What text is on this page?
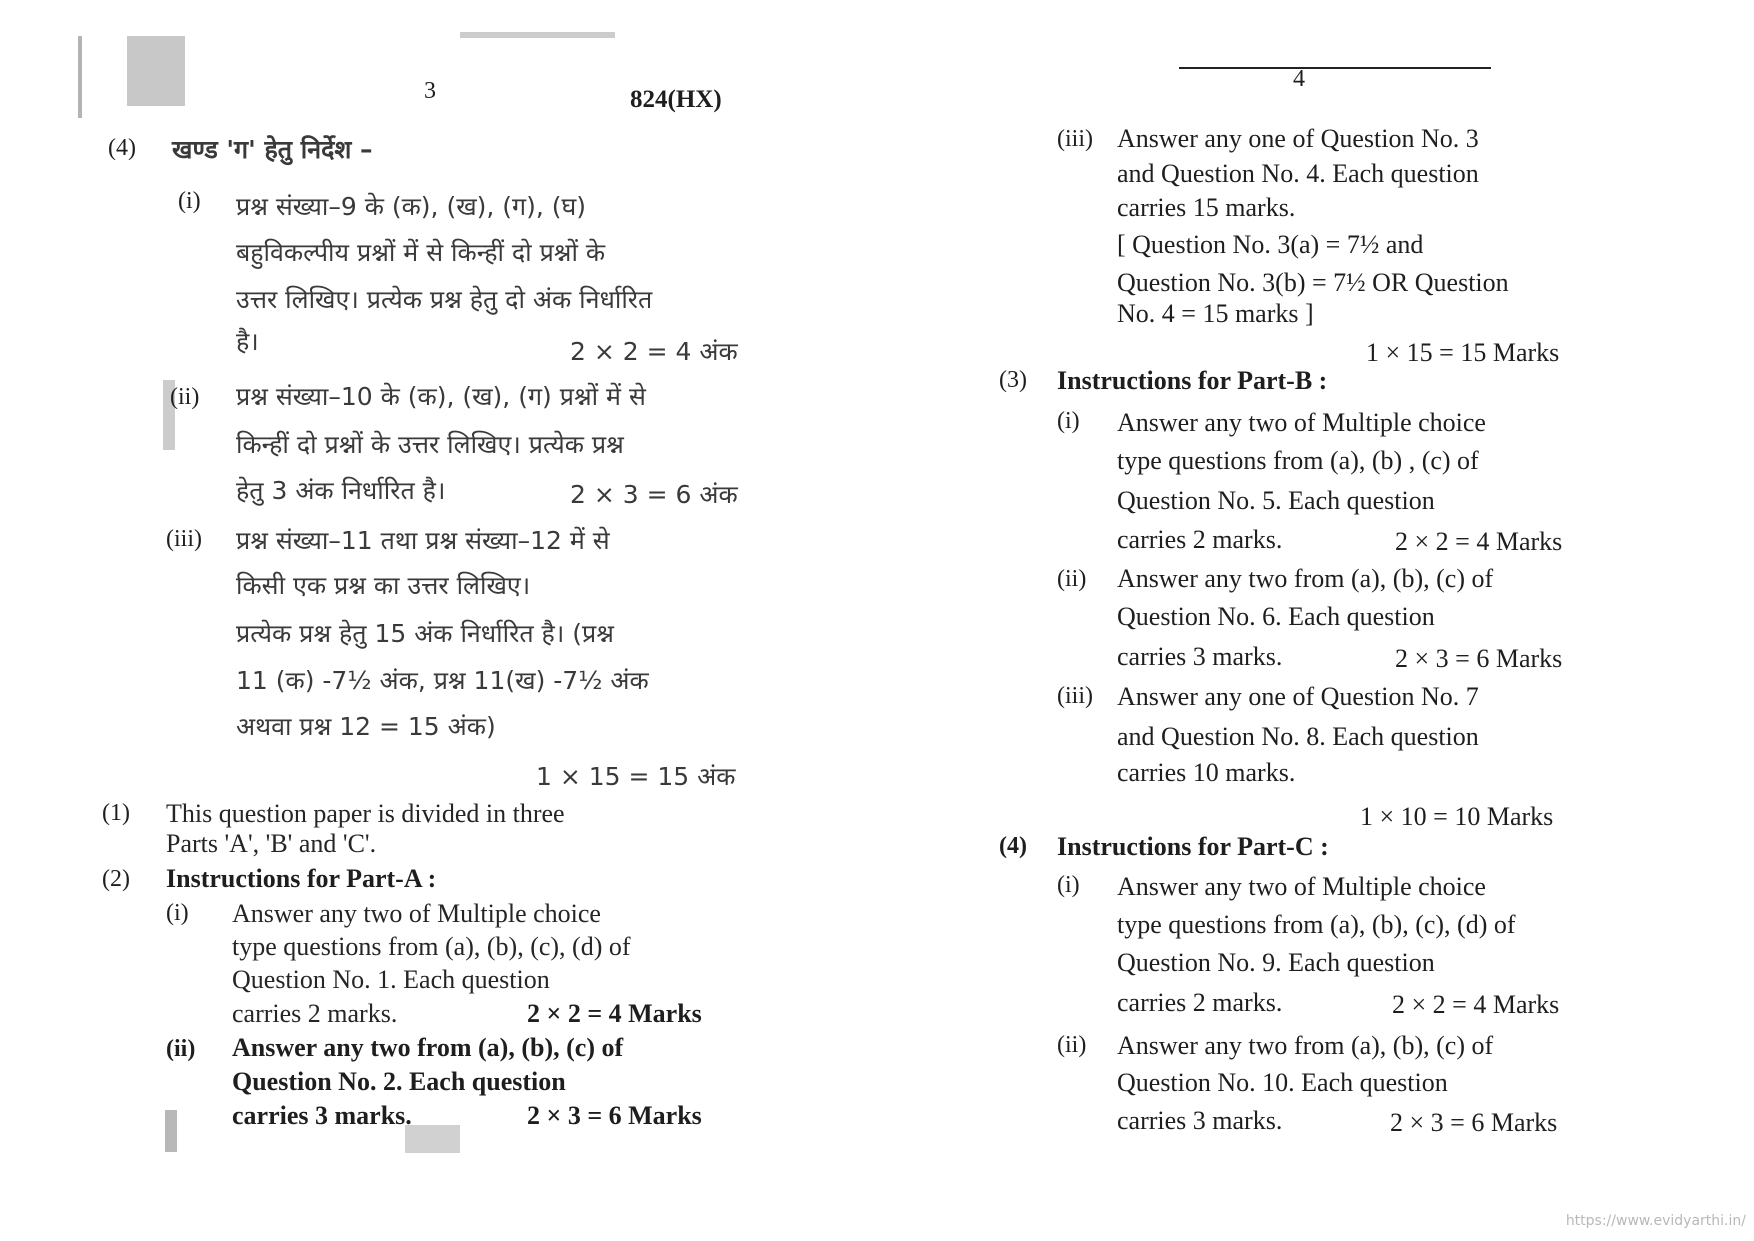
3	824(HX)
(4) खण्ड 'ग' हेतु निर्देश –
(i) प्रश्न संख्या–9 के (क), (ख), (ग), (घ)
बहुविकल्पीय प्रश्नों में से किन्हीं दो प्रश्नों के
उत्तर लिखिए। प्रत्येक प्रश्न हेतु दो अंक निर्धारित
है।	2 × 2 = 4 अंक
(ii) प्रश्न संख्या–10 के (क), (ख), (ग) प्रश्नों में से
किन्हीं दो प्रश्नों के उत्तर लिखिए। प्रत्येक प्रश्न
हेतु 3 अंक निर्धारित है।	2 × 3 = 6 अंक
(iii) प्रश्न संख्या–11 तथा प्रश्न संख्या–12 में से
किसी एक प्रश्न का उत्तर लिखिए।
प्रत्येक प्रश्न हेतु 15 अंक निर्धारित है। (प्रश्न
11 (क) -7½ अंक, प्रश्न 11(ख) -7½ अंक
अथवा प्रश्न 12 = 15 अंक)
1 × 15 = 15 अंक
(1) This question paper is divided in three
Parts 'A', 'B' and 'C'.
(2) Instructions for Part-A :
(i) Answer any two of Multiple choice
type questions from (a), (b), (c), (d) of
Question No. 1. Each question
carries 2 marks.	2 × 2 = 4 Marks
(ii) Answer any two from (a), (b), (c) of
Question No. 2. Each question
carries 3 marks.	2 × 3 = 6 Marks
4
(iii) Answer any one of Question No. 3
and Question No. 4. Each question
carries 15 marks.
[ Question No. 3(a) = 7½ and
Question No. 3(b) = 7½ OR Question
No. 4 = 15 marks ]
1 × 15 = 15 Marks
(3) Instructions for Part-B :
(i) Answer any two of Multiple choice
type questions from (a), (b) , (c) of
Question No. 5. Each question
carries 2 marks.	2 × 2 = 4 Marks
(ii) Answer any two from (a), (b), (c) of
Question No. 6. Each question
carries 3 marks.	2 × 3 = 6 Marks
(iii) Answer any one of Question No. 7
and Question No. 8. Each question
carries 10 marks.
1 × 10 = 10 Marks
(4) Instructions for Part-C :
(i) Answer any two of Multiple choice
type questions from (a), (b), (c), (d) of
Question No. 9. Each question
carries 2 marks.	2 × 2 = 4 Marks
(ii) Answer any two from (a), (b), (c) of
Question No. 10. Each question
carries 3 marks.	2 × 3 = 6 Marks
https://www.evidyarthi.in/
